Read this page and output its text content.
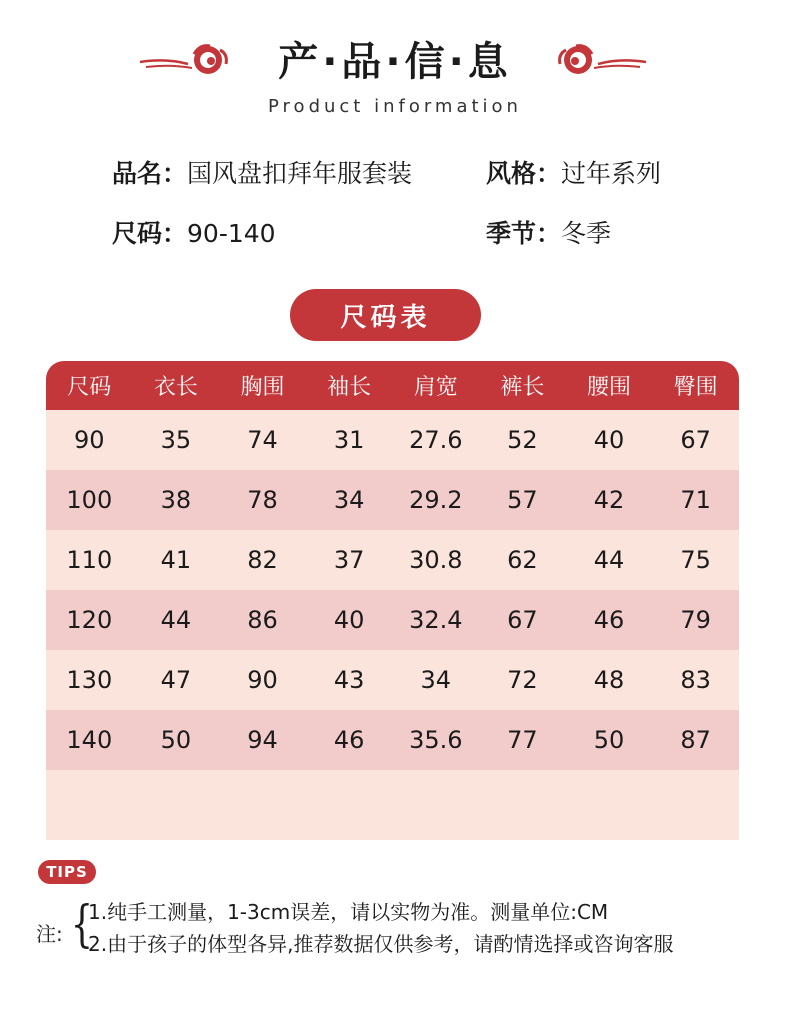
产·品·信·息
Product information
品名：国风盘扣拜年服套装	风格：过年系列
尺码：90-140	季节：冬季
尺码表
尺码	衣长	胸围	袖长	肩宽	裤长	腰围	臀围
90	35	74	31	27.6	52	40	67
100	38	78	34	29.2	57	42	71
110	41	82	37	30.8	62	44	75
120	44	86	40	32.4	67	46	79
130	47	90	43	34	72	48	83
140	50	94	46	35.6	77	50	87
TIPS
注: {
1.纯手工测量，1-3cm误差，请以实物为准。测量单位:CM
2.由于孩子的体型各异,推荐数据仅供参考，请酌情选择或咨询客服
